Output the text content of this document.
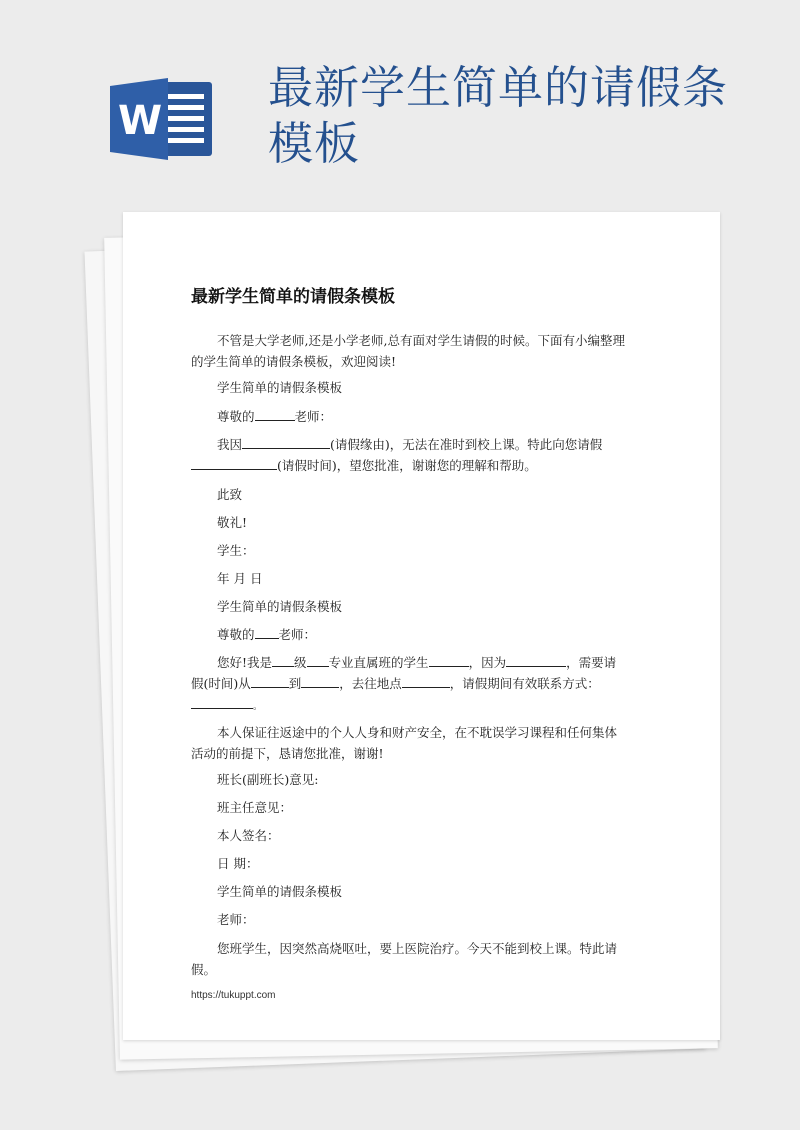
W
最新学生简单的请假条
模板
最新学生简单的请假条模板
不管是大学老师,还是小学老师,总有面对学生请假的时候。下面有小编整理
的学生简单的请假条模板，欢迎阅读!
学生简单的请假条模板
尊敬的	老师：
我因	(请假缘由)，无法在准时到校上课。特此向您请假
(请假时间)，望您批准，谢谢您的理解和帮助。
此致
敬礼!
学生：
年 月 日
学生简单的请假条模板
尊敬的 老师：
您好!我是 级 专业直属班的学生	，因为	，需要请
假(时间)从	到	，去往地点	，请假期间有效联系方式：
。
本人保证往返途中的个人人身和财产安全，在不耽误学习课程和任何集体
活动的前提下，恳请您批准，谢谢!
班长(副班长)意见:
班主任意见：
本人签名：
日 期：
学生简单的请假条模板
老师：
您班学生，因突然高烧呕吐，要上医院治疗。今天不能到校上课。特此请
假。
https://tukuppt.com
